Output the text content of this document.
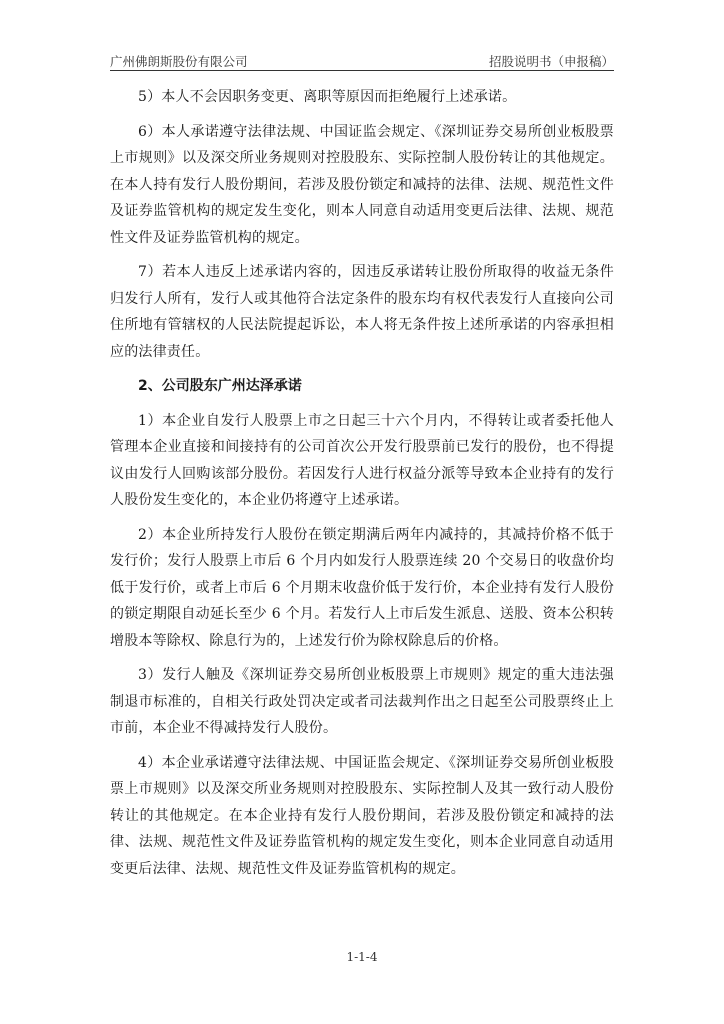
广州佛朗斯股份有限公司	招股说明书（申报稿）

5）本人不会因职务变更、离职等原因而拒绝履行上述承诺。

6）本人承诺遵守法律法规、中国证监会规定、《深圳证券交易所创业板股票上市规则》以及深交所业务规则对控股股东、实际控制人股份转让的其他规定。在本人持有发行人股份期间，若涉及股份锁定和减持的法律、法规、规范性文件及证券监管机构的规定发生变化，则本人同意自动适用变更后法律、法规、规范性文件及证券监管机构的规定。

7）若本人违反上述承诺内容的，因违反承诺转让股份所取得的收益无条件归发行人所有，发行人或其他符合法定条件的股东均有权代表发行人直接向公司住所地有管辖权的人民法院提起诉讼，本人将无条件按上述所承诺的内容承担相应的法律责任。

2、公司股东广州达泽承诺

1）本企业自发行人股票上市之日起三十六个月内，不得转让或者委托他人管理本企业直接和间接持有的公司首次公开发行股票前已发行的股份，也不得提议由发行人回购该部分股份。若因发行人进行权益分派等导致本企业持有的发行人股份发生变化的，本企业仍将遵守上述承诺。

2）本企业所持发行人股份在锁定期满后两年内减持的，其减持价格不低于发行价；发行人股票上市后 6 个月内如发行人股票连续 20 个交易日的收盘价均低于发行价，或者上市后 6 个月期末收盘价低于发行价，本企业持有发行人股份的锁定期限自动延长至少 6 个月。若发行人上市后发生派息、送股、资本公积转增股本等除权、除息行为的，上述发行价为除权除息后的价格。

3）发行人触及《深圳证券交易所创业板股票上市规则》规定的重大违法强制退市标准的，自相关行政处罚决定或者司法裁判作出之日起至公司股票终止上市前，本企业不得减持发行人股份。

4）本企业承诺遵守法律法规、中国证监会规定、《深圳证券交易所创业板股票上市规则》以及深交所业务规则对控股股东、实际控制人及其一致行动人股份转让的其他规定。在本企业持有发行人股份期间，若涉及股份锁定和减持的法律、法规、规范性文件及证券监管机构的规定发生变化，则本企业同意自动适用变更后法律、法规、规范性文件及证券监管机构的规定。

1-1-4
